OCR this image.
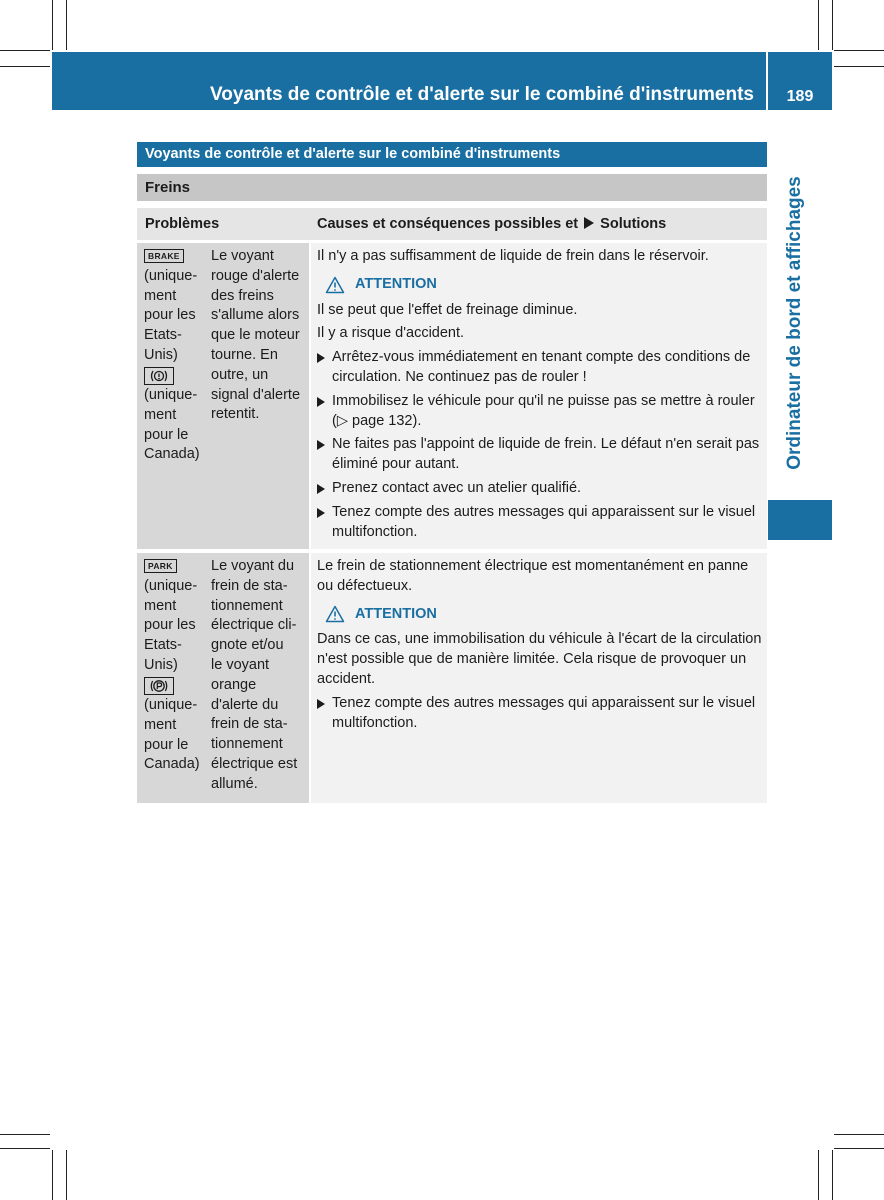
Voyants de contrôle et d'alerte sur le combiné d'instruments	189
Ordinateur de bord et affichages
Voyants de contrôle et d'alerte sur le combiné d'instruments
Freins
Problèmes	Causes et conséquences possibles et Solutions
BRAKE
(unique-
ment
pour les
Etats-
Unis)
(unique-
ment
pour le
Canada)
Le voyant
rouge d'alerte
des freins
s'allume alors
que le moteur
tourne. En
outre, un
signal d'alerte
retentit.

Il n'y a pas suffisamment de liquide de frein dans le réservoir.

ATTENTION

Il se peut que l'effet de freinage diminue.

Il y a risque d'accident.

Arrêtez-vous immédiatement en tenant compte des conditions de circulation. Ne continuez pas de rouler !
Immobilisez le véhicule pour qu'il ne puisse pas se mettre à rouler (▷ page 132).
Ne faites pas l'appoint de liquide de frein. Le défaut n'en serait pas éliminé pour autant.
Prenez contact avec un atelier qualifié.
Tenez compte des autres messages qui apparaissent sur le visuel multifonction.
PARK
(unique-
ment
pour les
Etats-
Unis)
(unique-
ment
pour le
Canada)
Le voyant du
frein de sta-
tionnement
électrique cli-
gnote et/ou
le voyant
orange
d'alerte du
frein de sta-
tionnement
électrique est
allumé.

Le frein de stationnement électrique est momentanément en panne ou défectueux.

ATTENTION

Dans ce cas, une immobilisation du véhicule à l'écart de la circulation n'est possible que de manière limitée. Cela risque de provoquer un accident.

Tenez compte des autres messages qui apparaissent sur le visuel multifonction.
